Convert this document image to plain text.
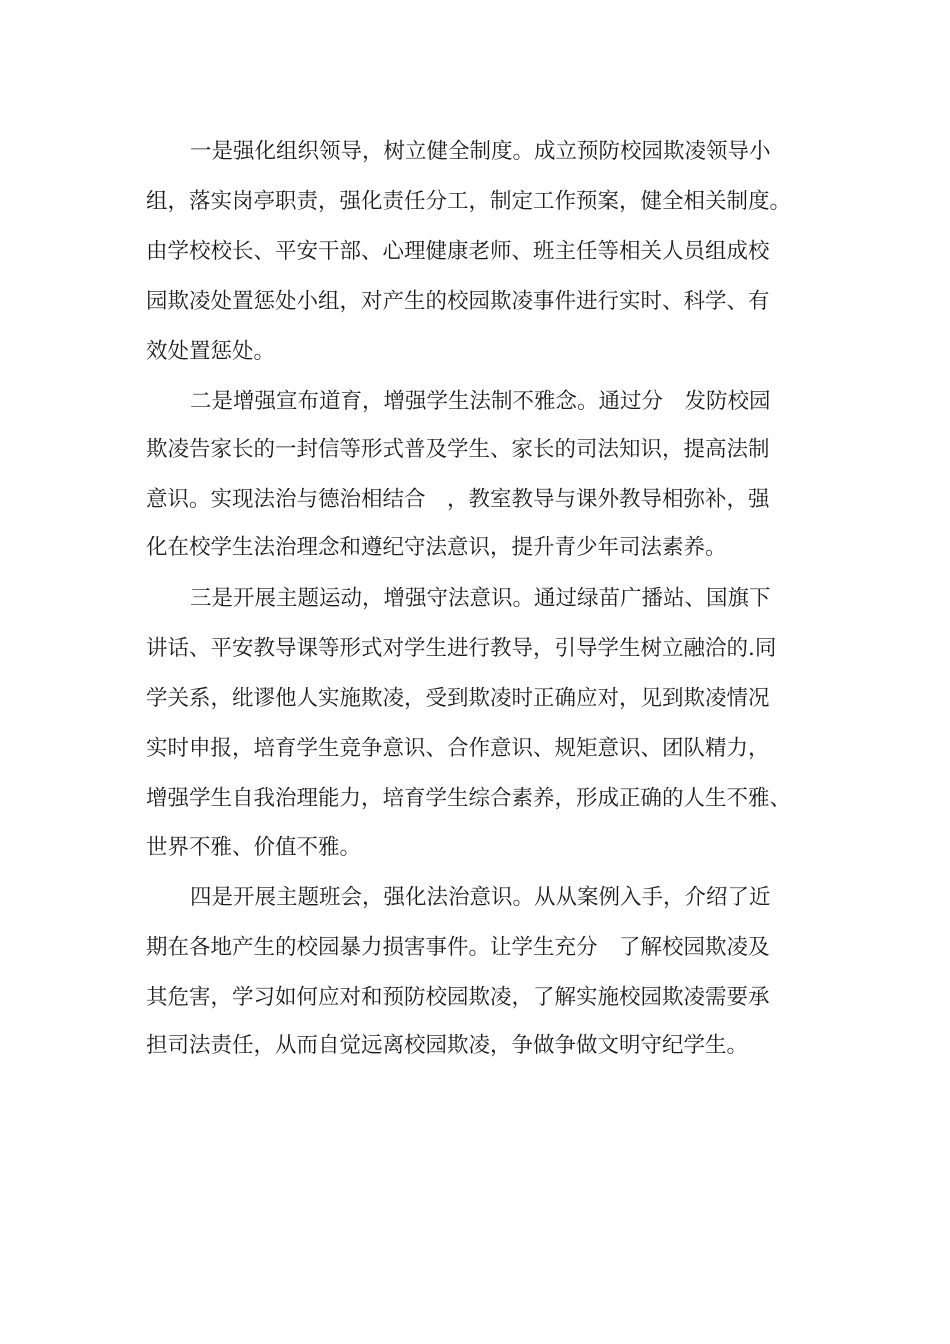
一是强化组织领导，树立健全制度。成立预防校园欺凌领导小

组，落实岗亭职责，强化责任分工，制定工作预案，健全相关制度。

由学校校长、平安干部、心理健康老师、班主任等相关人员组成校

园欺凌处置惩处小组，对产生的校园欺凌事件进行实时、科学、有

效处置惩处。

二是增强宣布道育，增强学生法制不雅念。通过分　发防校园

欺凌告家长的一封信等形式普及学生、家长的司法知识，提高法制

意识。实现法治与德治相结合　，教室教导与课外教导相弥补，强

化在校学生法治理念和遵纪守法意识，提升青少年司法素养。

三是开展主题运动，增强守法意识。通过绿苗广播站、国旗下

讲话、平安教导课等形式对学生进行教导，引导学生树立融洽的.同

学关系，纰谬他人实施欺凌，受到欺凌时正确应对，见到欺凌情况

实时申报，培育学生竞争意识、合作意识、规矩意识、团队精力，

增强学生自我治理能力，培育学生综合素养，形成正确的人生不雅、

世界不雅、价值不雅。

四是开展主题班会，强化法治意识。从从案例入手，介绍了近

期在各地产生的校园暴力损害事件。让学生充分　了解校园欺凌及

其危害，学习如何应对和预防校园欺凌，了解实施校园欺凌需要承

担司法责任，从而自觉远离校园欺凌，争做争做文明守纪学生。
